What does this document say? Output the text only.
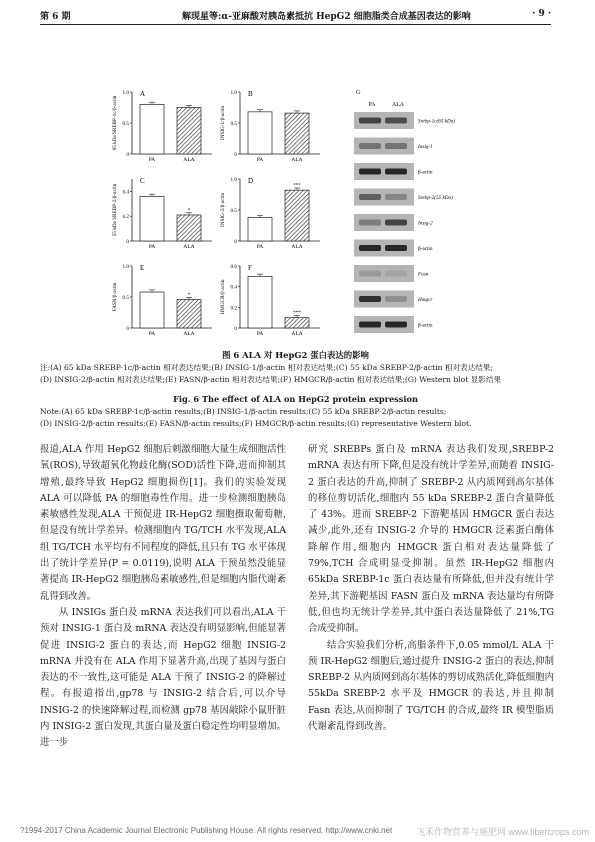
第 6 期	解现星等:α-亚麻酸对胰岛素抵抗 HepG2 细胞脂类合成基因表达的影响	· 9 ·
A
0
0.5
1.0
65 kDa SREBP-1c/β-actin
PA	ALA
B
0
0.5
1.0
INSIG-1/β-actin
PA	ALA
C
0
0.2
0.4
55 kDa SREBP-2/β-actin
PA	ALA
*
D
0
0.5
1.0
INSIG-2/β-actin
PA	ALA
***
E
0
0.5
1.0
FASN/β-actin
PA	ALA
*
F
0
0.2
0.4
0.6
HMGCR/β-actin
PA	ALA
***
G
PA	ALA
Srebp-1c(65 kDa)
Insig-1
β-actin
Srebp-2(55 kDa)
Insig-2
β-actin
Fasn
Hmgcr
β-actin
图 6 ALA 对 HepG2 蛋白表达的影响
注:(A) 65 kDa SREBP-1c/β-actin 相对表达结果;(B) INSIG-1/β-actin 相对表达结果;(C) 55 kDa SREBP-2/β-actin 相对表达结果;
(D) INSIG-2/β-actin 相对表达结果;(E) FASN/β-actin 相对表达结果;(F) HMGCR/β-actin 相对表达结果;(G) Western blot 显影结果
Fig. 6 The effect of ALA on HepG2 protein expression
Note:(A) 65 kDa SREBP-1c/β-actin results;(B) INSIG-1/β-actin results;(C) 55 kDa SREBP-2/β-actin results;
(D) INSIG-2/β-actin results;(E) FASN/β-actin results;(F) HMGCR/β-actin results;(G) representative Western blot.

报道,ALA 作用 HepG2 细胞后刺激细胞大量生成细胞活性氧(ROS),导致超氧化物歧化酶(SOD)活性下降,进而抑制其增殖,最终导致 HepG2 细胞损伤[1]。我们的实验发现 ALA 可以降低 PA 的细胞毒性作用。进一步检测细胞胰岛素敏感性发现,ALA 干预促进 IR-HepG2 细胞摄取葡萄糖,但是没有统计学差异。检测细胞内 TG/TCH 水平发现,ALA 组 TG/TCH 水平均有不同程度的降低,且只有 TG 水平体现出了统计学差异(P = 0.0119),说明 ALA 干预虽然没能显著提高 IR-HepG2 细胞胰岛素敏感性,但是细胞内脂代谢紊乱得到改善。

从 INSIGs 蛋白及 mRNA 表达我们可以看出,ALA 干预对 INSIG-1 蛋白及 mRNA 表达没有明显影响,但能显著促进 INSIG-2 蛋白的表达,而 HepG2 细胞 INSIG-2 mRNA 并没有在 ALA 作用下显著升高,出现了基因与蛋白表达的不一致性,这可能是 ALA 干预了 INSIG-2 的降解过程。有报道指出,gp78 与 INSIG-2 结合后,可以介导 INSIG-2 的快速降解过程,而检测 gp78 基因敲除小鼠肝脏内 INSIG-2 蛋白发现,其蛋白量及蛋白稳定性均明显增加。进一步

研究 SREBPs 蛋白及 mRNA 表达我们发现,SREBP-2 mRNA 表达有所下降,但是没有统计学差异,而随着 INSIG-2 蛋白表达的升高,抑制了 SREBP-2 从内质网到高尔基体的移位剪切活化,细胞内 55 kDa SREBP-2 蛋白含量降低了 43%。进而 SREBP-2 下游靶基因 HMGCR 蛋白表达减少,此外,还有 INSIG-2 介导的 HMGCR 泛素蛋白酶体降解作用,细胞内 HMGCR 蛋白相对表达量降低了 79%,TCH 合成明显受抑制。虽然 IR-HepG2 细胞内 65kDa SREBP-1c 蛋白表达量有所降低,但并没有统计学差异,其下游靶基因 FASN 蛋白及 mRNA 表达量均有所降低,但也均无统计学差异,其中蛋白表达量降低了 21%,TG 合成受抑制。

结合实验我们分析,高脂条件下,0.05 mmol/L ALA 干预 IR-HepG2 细胞后,通过提升 INSIG-2 蛋白的表达,抑制 SREBP-2 从内质网到高尔基体的剪切成熟活化,降低细胞内 55kDa SREBP-2 水平及 HMGCR 的表达,并且抑制 Fasn 表达,从而抑制了 TG/TCH 的合成,最终 IR 模型脂质代谢紊乱得到改善。

?1994-2017 China Academic Journal Electronic Publishing House. All rights reserved. http://www.cnki.net	飞禾作物营养与施肥网 www.fibercrops.com
